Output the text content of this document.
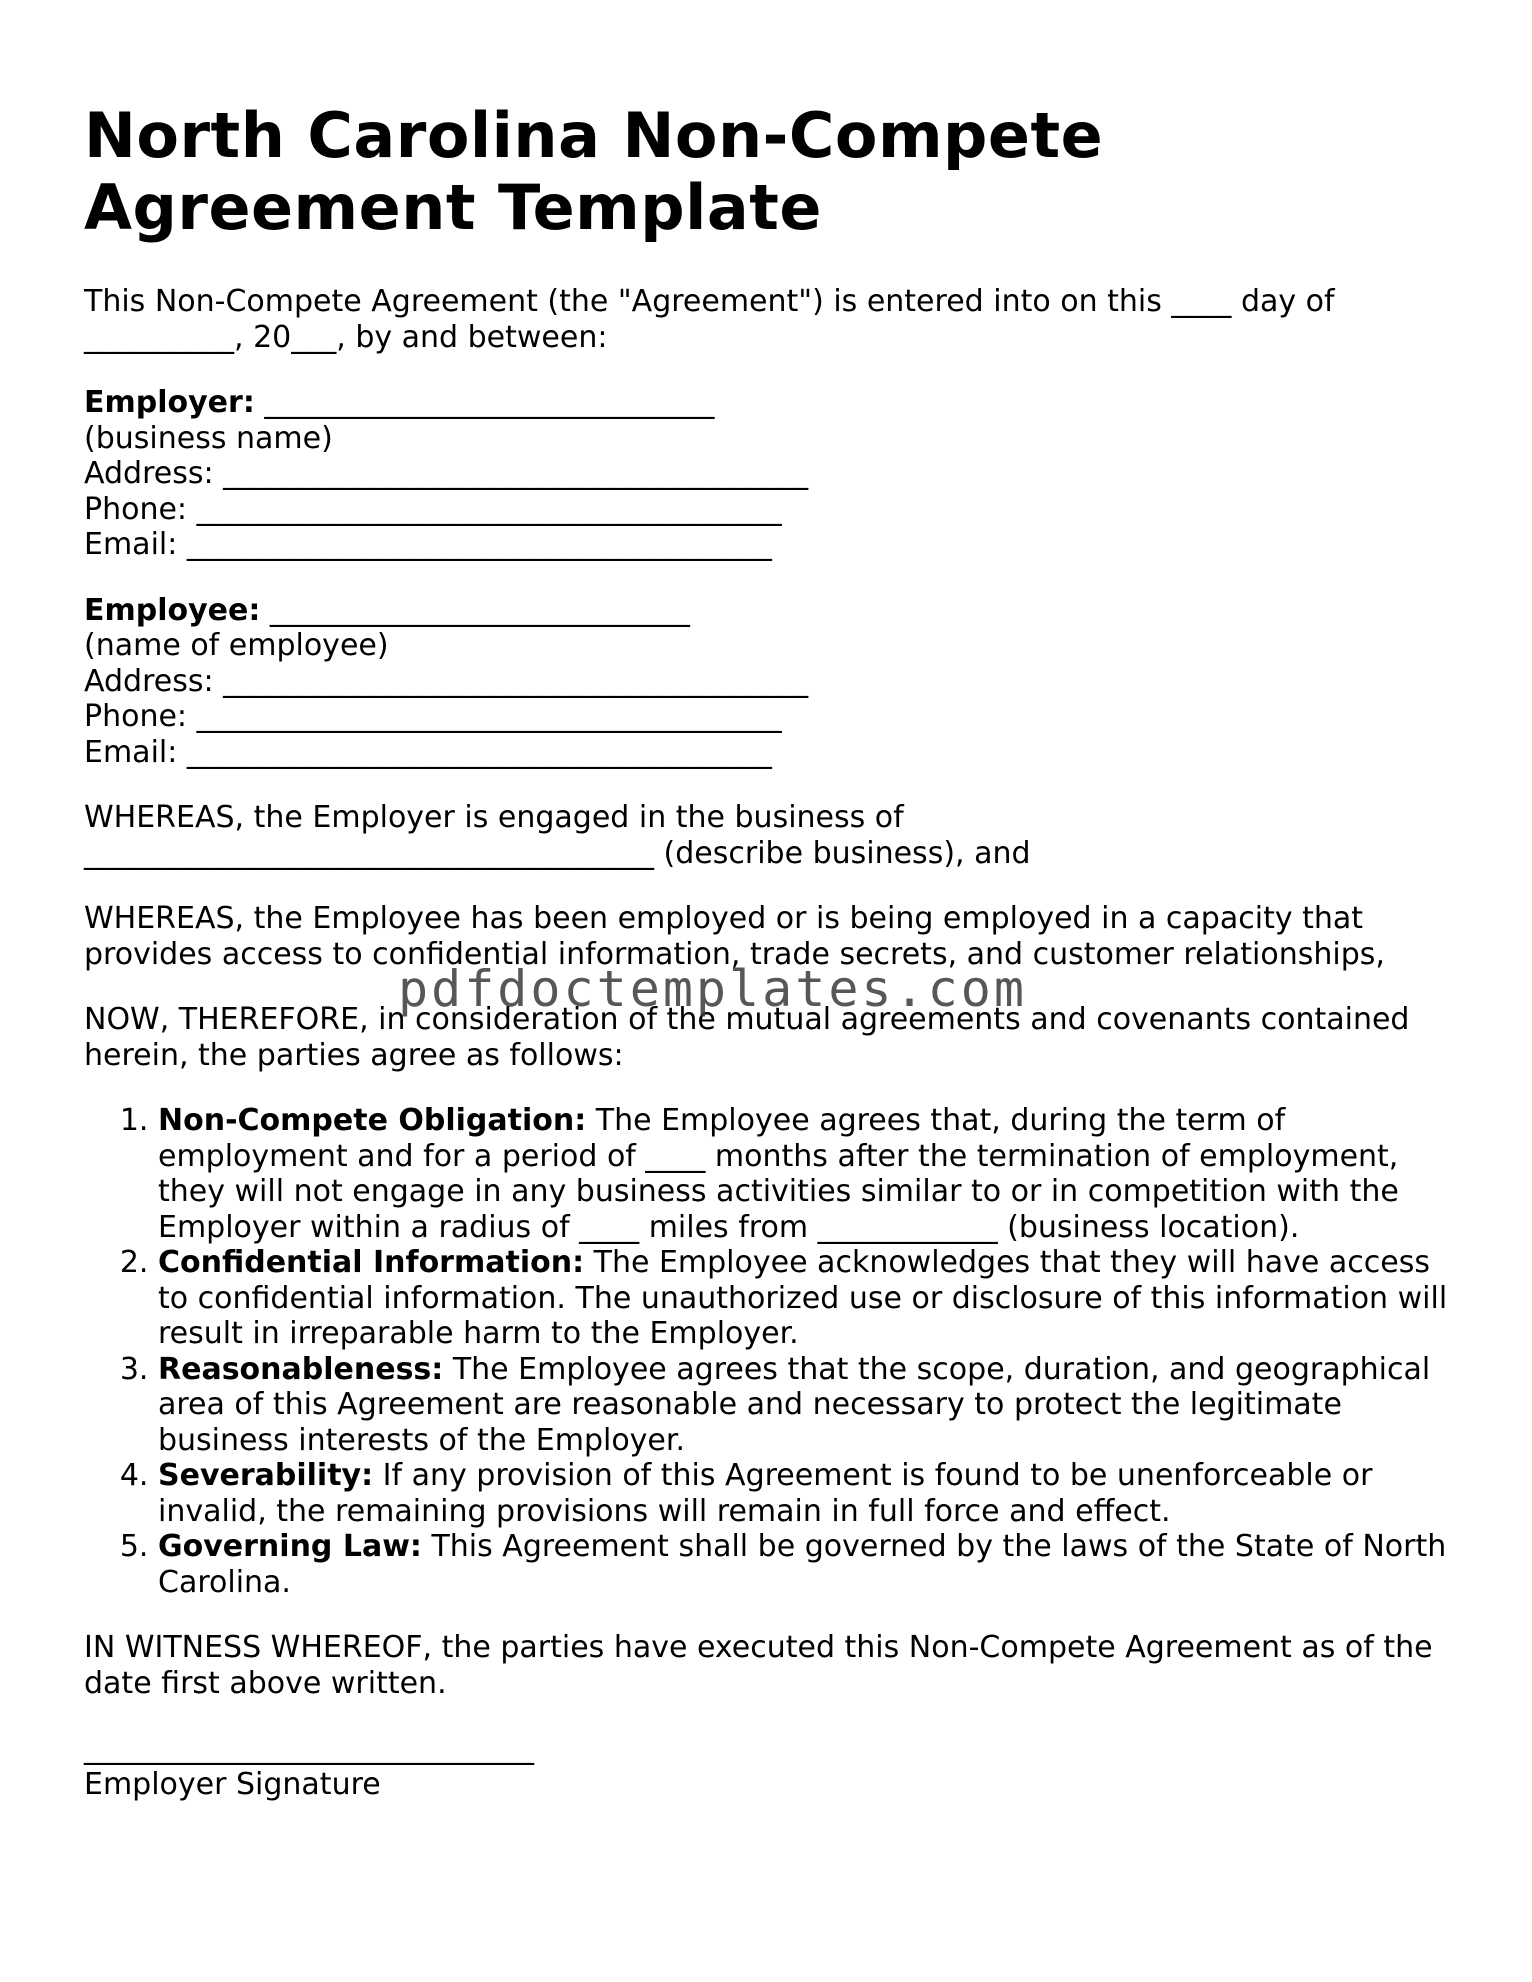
North Carolina Non-Compete
Agreement Template

This Non-Compete Agreement (the "Agreement") is entered into on this ____ day of
__________, 20___, by and between:

Employer: ______________________________
(business name)
Address: _______________________________________
Phone: _______________________________________
Email: _______________________________________
Employee: ____________________________
(name of employee)
Address: _______________________________________
Phone: _______________________________________
Email: _______________________________________

WHEREAS, the Employer is engaged in the business of
______________________________________ (describe business), and

WHEREAS, the Employee has been employed or is being employed in a capacity that
provides access to confidential information, trade secrets, and customer relationships,

NOW, THEREFORE, in consideration of the mutual agreements and covenants contained herein, the parties agree as follows:

1. Non-Compete Obligation: The Employee agrees that, during the term of employment and for a period of ____ months after the termination of employment, they will not engage in any business activities similar to or in competition with the Employer within a radius of ____ miles from ____________ (business location).
2. Confidential Information: The Employee acknowledges that they will have access to confidential information. The unauthorized use or disclosure of this information will result in irreparable harm to the Employer.
3. Reasonableness: The Employee agrees that the scope, duration, and geographical area of this Agreement are reasonable and necessary to protect the legitimate business interests of the Employer.
4. Severability: If any provision of this Agreement is found to be unenforceable or invalid, the remaining provisions will remain in full force and effect.
5. Governing Law: This Agreement shall be governed by the laws of the State of North Carolina.

IN WITNESS WHEREOF, the parties have executed this Non-Compete Agreement as of the date first above written.

______________________________
Employer Signature
pdfdoctemplates.com
